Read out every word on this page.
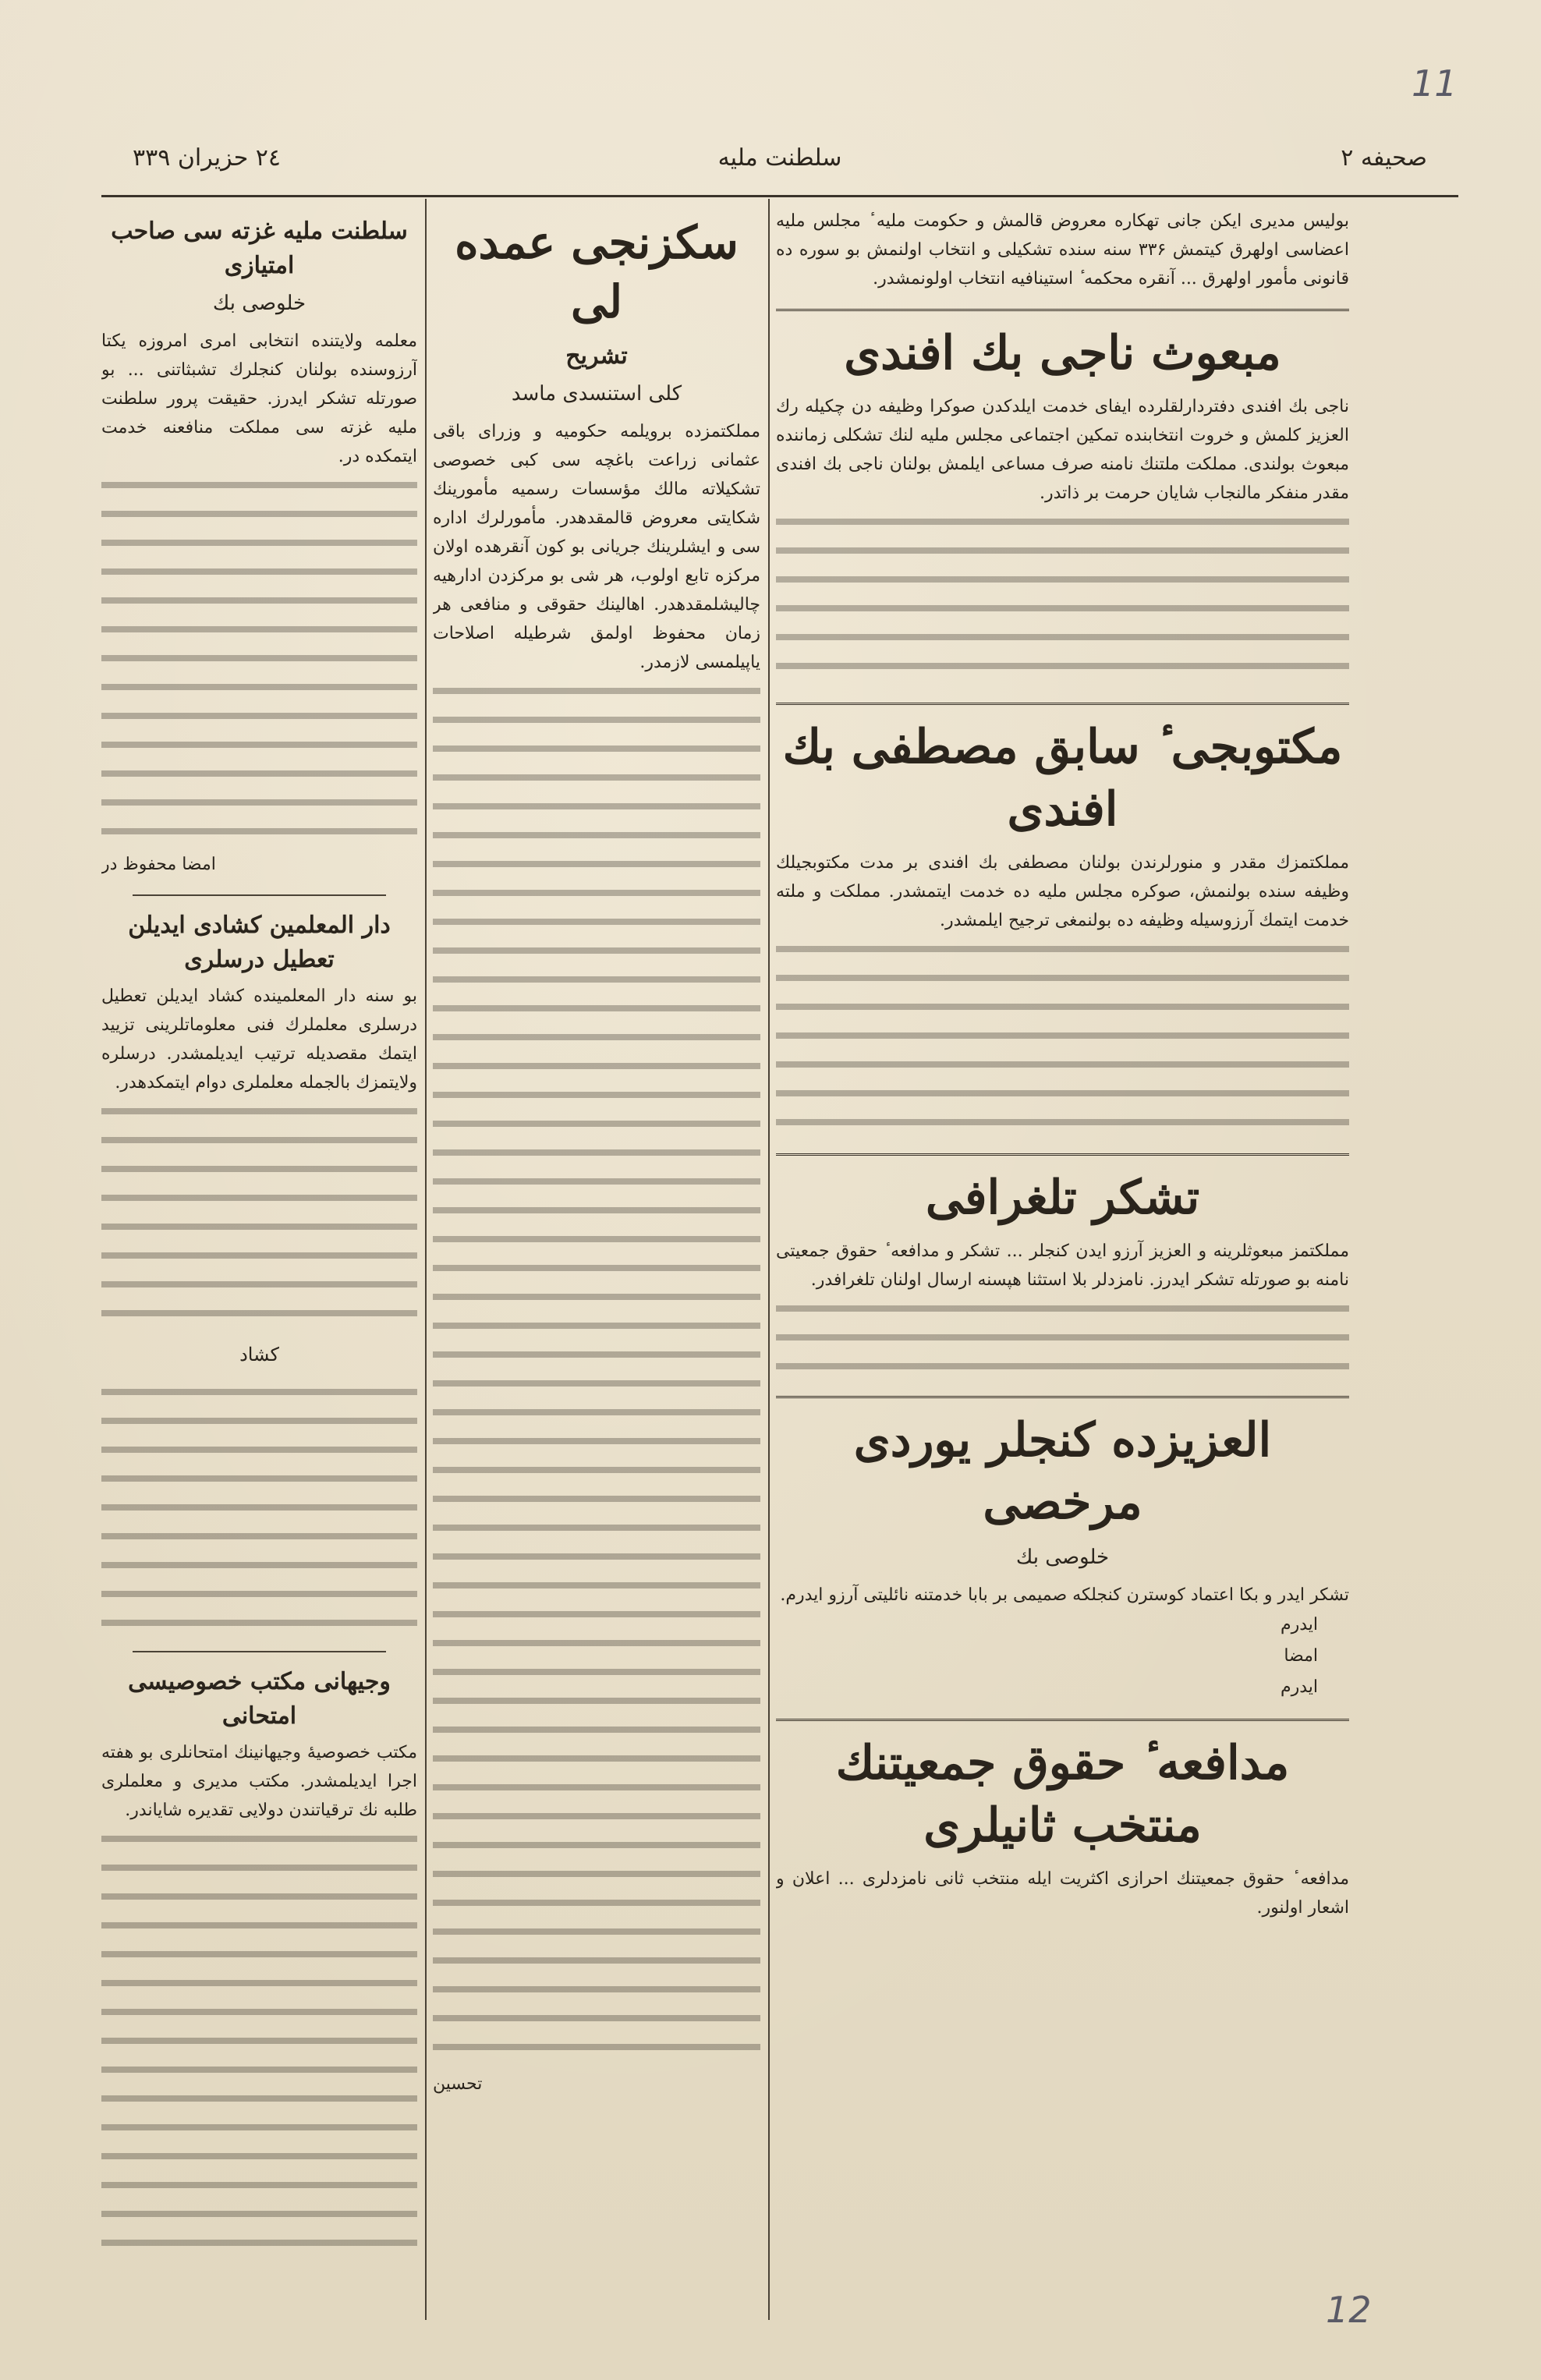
11
12
صحيفه ٢
سلطنت مليه
٢٤ حزيران ٣٣٩
بولیس مدیری ایکن جانی تهکاره معروض قالمش و حکومت ملیه ٔ مجلس ملیه اعضاسی اولهرق کیتمش ۳۳۶ سنه سنده تشکیلی و انتخاب اولنمش بو سوره ده قانونی مأمور اولهرق ... آنقره محکمه ٔ استینافیه انتخاب اولونمشدر.
مبعوث ناجی بك افندی
ناجی بك افندی دفتردارلقلرده ایفای خدمت ایلدکدن صوکرا وظیفه دن چکیله رك العزیز کلمش و خروت انتخابنده تمکین اجتماعی مجلس ملیه لنك تشکلی زماننده مبعوث بولندی. مملکت ملتنك نامنه صرف مساعی ایلمش بولنان ناجی بك افندی مقدر منفکر مالنجاب شایان حرمت بر ذاتدر.
مکتوبجی ٔ سابق مصطفی بك افندی
مملکتمزك مقدر و منورلرندن بولنان مصطفی بك افندی بر مدت مکتوبجیلك وظیفه سنده بولنمش، صوکره مجلس ملیه ده خدمت ایتمشدر. مملکت و ملته خدمت ایتمك آرزوسیله وظیفه ده بولنمغی ترجیح ایلمشدر.
تشکر تلغرافی
مملکتمز مبعوثلرینه و العزیز آرزو ایدن کنجلر ... تشکر و مدافعه ٔ حقوق جمعیتی نامنه بو صورتله تشکر ایدرز. نامزدلر بلا استثنا هپسنه ارسال اولنان تلغرافدر.
العزیزده کنجلر یوردی مرخصی
خلوصی بك
تشکر ایدر و بکا اعتماد کوسترن کنجلکه صمیمی بر بابا خدمتنه نائلیتی آرزو ایدرم.
ایدرم
امضا
ایدرم
مدافعه ٔ حقوق جمعیتنك منتخب ثانیلری
مدافعه ٔ حقوق جمعیتنك احرازی اکثریت ایله منتخب ثانی نامزدلری ... اعلان و اشعار اولنور.
سکزنجی عمده لی
تشریح
کلی استنسدی ماسد
مملکتمزده برویلمه حکومیه و وزرای باقی عثمانی زراعت باغچه سی کبی خصوصی تشکیلاته مالك مؤسسات رسمیه مأمورینك شکایتی معروض قالمقدهدر. مأمورلرك اداره سی و ایشلرینك جریانی بو کون آنقرهده اولان مرکزه تابع اولوب، هر شی بو مرکزدن ادارهیه چالیشلمقدهدر. اهالینك حقوقی و منافعی هر زمان محفوظ اولمق شرطیله اصلاحات یاپیلمسی لازمدر.
تحسین
سلطنت ملیه غزته سی صاحب امتیازی
خلوصی بك
معلمه ولایتنده انتخابی امری امروزه یکتا آرزوسنده بولنان کنجلرك تشبثاتنی ... بو صورتله تشکر ایدرز. حقیقت پرور سلطنت ملیه غزته سی مملکت منافعنه خدمت ایتمکده در.
امضا محفوظ در
دار المعلمین کشادی ایدیلن تعطیل درسلری
بو سنه دار المعلمینده کشاد ایدیلن تعطیل درسلری معلملرك فنی معلوماتلرینی تزیید ایتمك مقصدیله ترتیب ایدیلمشدر. درسلره ولایتمزك بالجمله معلملری دوام ایتمکدهدر.
کشاد
وجیهانی مکتب خصوصیسی امتحانی
مکتب خصوصیهٔ وجیهانینك امتحانلری بو هفته اجرا ایدیلمشدر. مکتب مدیری و معلملری طلبه نك ترقیاتندن دولایی تقدیره شایاندر.
